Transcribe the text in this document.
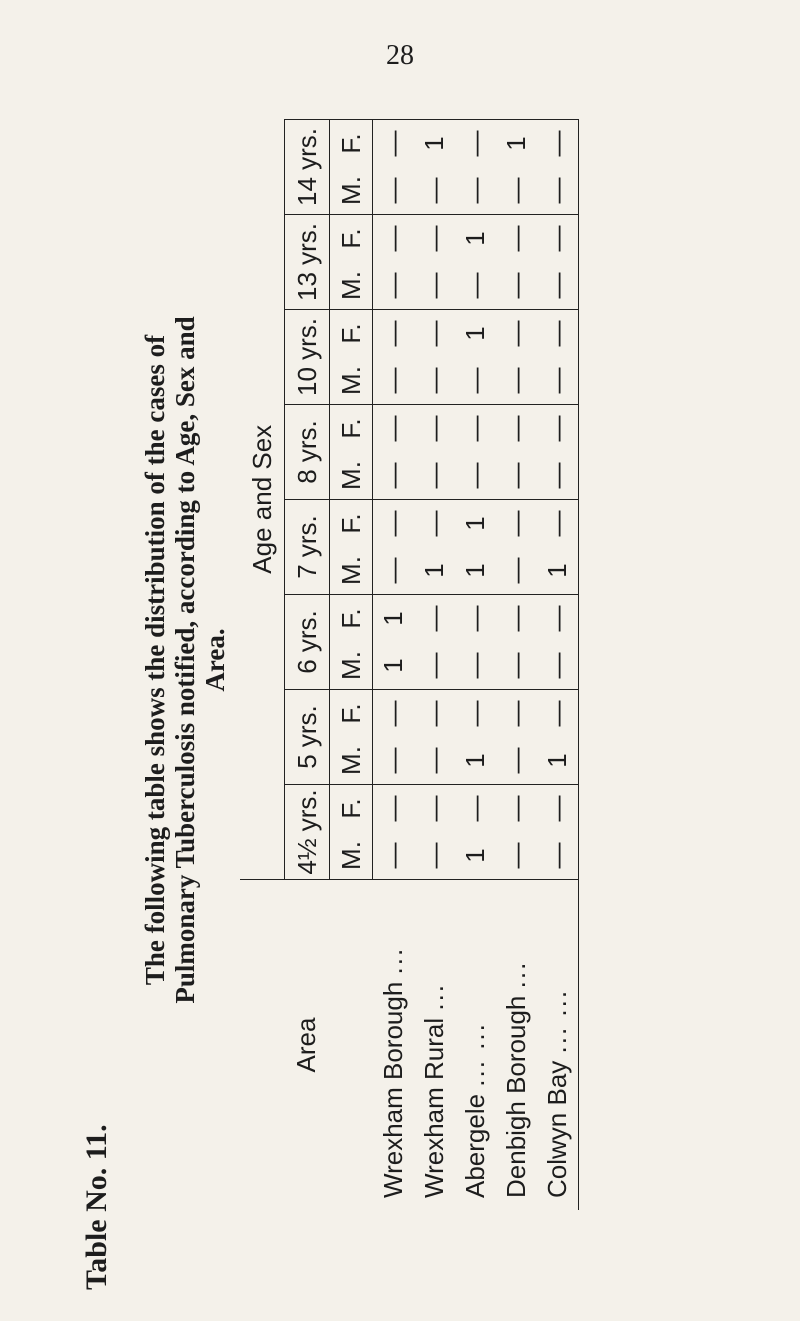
28
Table No. 11.
The following table shows the distribution of the cases of Pulmonary Tuberculosis notified, according to Age, Sex and Area.
Area	Age and Sex															
	4½ yrs.		5 yrs.		6 yrs.		7 yrs.		8 yrs.		10 yrs.		13 yrs.		14 yrs.	
	M.	F.	M.	F.	M.	F.	M.	F.	M.	F.	M.	F.	M.	F.	M.	F.
Wrexham Borough ...	—	—	—	—	1	1	—	—	—	—	—	—	—	—	—	—
Wrexham Rural ...	—	—	—	—	—	—	1	—	—	—	—	—	—	—	—	1
Abergele ... ...	1	—	1	—	—	—	1	1	—	—	—	1	—	1	—	—
Denbigh Borough ...	—	—	—	—	—	—	—	—	—	—	—	—	—	—	—	1
Colwyn Bay ... ...	—	—	1	—	—	—	1	—	—	—	—	—	—	—	—	—
